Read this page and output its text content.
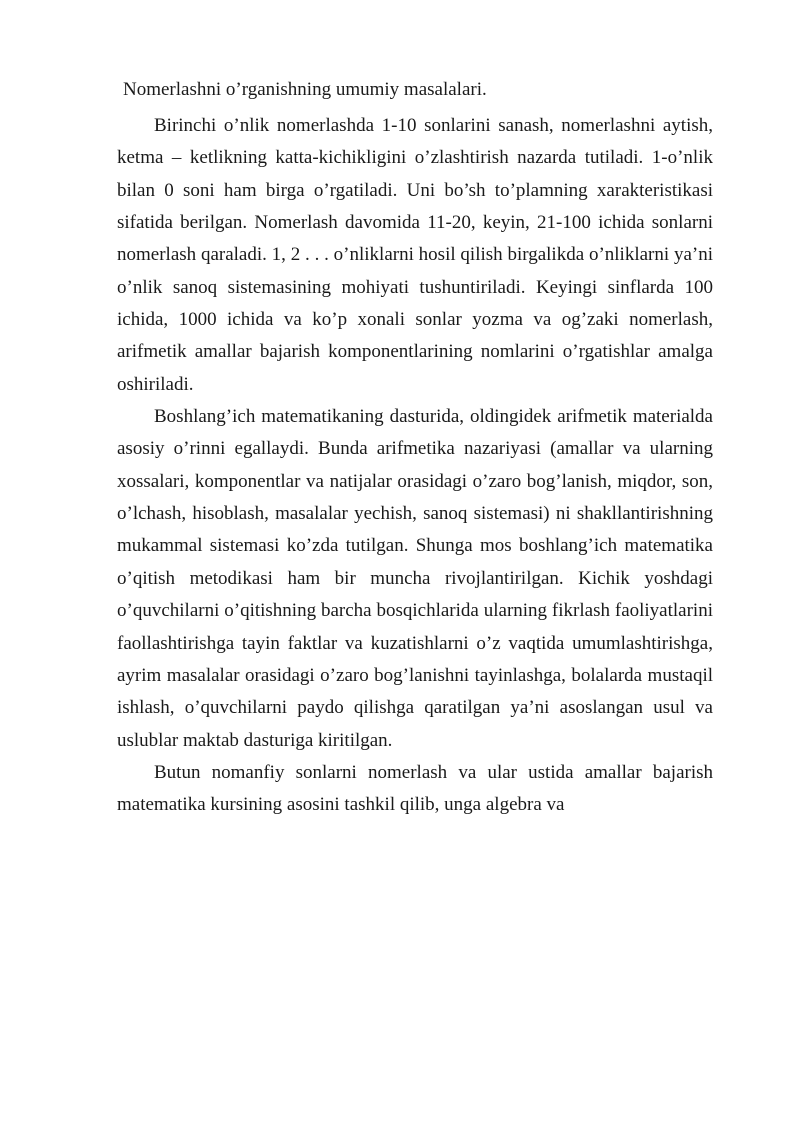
Nomerlashni o’rganishning umumiy masalalari.

Birinchi o’nlik nomerlashda 1-10 sonlarini sanash, nomerlashni aytish, ketma – ketlikning katta-kichikligini o’zlashtirish nazarda tutiladi. 1-o’nlik bilan 0 soni ham birga o’rgatiladi. Uni bo’sh to’plamning xarakteristikasi sifatida berilgan. Nomerlash davomida 11-20, keyin, 21-100 ichida sonlarni nomerlash qaraladi. 1, 2 . . . o’nliklarni hosil qilish birgalikda o’nliklarni ya’ni o’nlik sanoq sistemasining mohiyati tushuntiriladi. Keyingi sinflarda 100 ichida, 1000 ichida va ko’p xonali sonlar yozma va og’zaki nomerlash, arifmetik amallar bajarish komponentlarining nomlarini o’rgatishlar amalga oshiriladi.

Boshlang’ich matematikaning dasturida, oldingidek arifmetik materialda asosiy o’rinni egallaydi. Bunda arifmetika nazariyasi (amallar va ularning xossalari, komponentlar va natijalar orasidagi o’zaro bog’lanish, miqdor, son, o’lchash, hisoblash, masalalar yechish, sanoq sistemasi) ni shakllantirishning mukammal sistemasi ko’zda tutilgan. Shunga mos boshlang’ich matematika o’qitish metodikasi ham bir muncha rivojlantirilgan. Kichik yoshdagi o’quvchilarni o’qitishning barcha bosqichlarida ularning fikrlash faoliyatlarini faollashtirishga tayin faktlar va kuzatishlarni o’z vaqtida umumlashtirishga, ayrim masalalar orasidagi o’zaro bog’lanishni tayinlashga, bolalarda mustaqil ishlash, o’quvchilarni paydo qilishga qaratilgan ya’ni asoslangan usul va uslublar maktab dasturiga kiritilgan.

Butun nomanfiy sonlarni nomerlash va ular ustida amallar bajarish matematika kursining asosini tashkil qilib, unga algebra va
